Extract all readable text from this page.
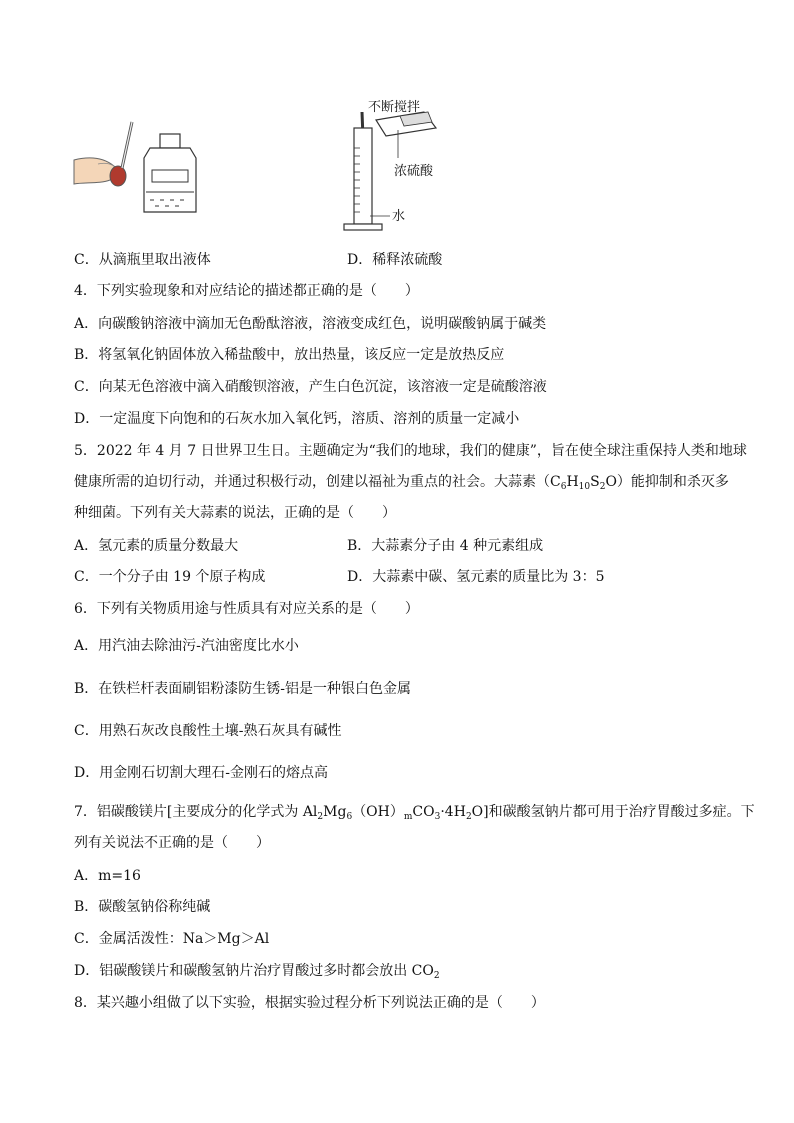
不断搅拌
浓硫酸
水
C．从滴瓶里取出液体	D．稀释浓硫酸
4．下列实验现象和对应结论的描述都正确的是（　　）
A．向碳酸钠溶液中滴加无色酚酞溶液，溶液变成红色，说明碳酸钠属于碱类
B．将氢氧化钠固体放入稀盐酸中，放出热量，该反应一定是放热反应
C．向某无色溶液中滴入硝酸钡溶液，产生白色沉淀，该溶液一定是硫酸溶液
D．一定温度下向饱和的石灰水加入氧化钙，溶质、溶剂的质量一定减小
5．2022 年 4 月 7 日世界卫生日。主题确定为“我们的地球，我们的健康”，旨在使全球注重保持人类和地球
健康所需的迫切行动，并通过积极行动，创建以福祉为重点的社会。大蒜素$(C_6H_{10}S_2O)$能抑制和杀灭多
种细菌。下列有关大蒜素的说法，正确的是（　　）
A．氢元素的质量分数最大	B．大蒜素分子由 4 种元素组成
C．一个分子由 19 个原子构成	D．大蒜素中碳、氢元素的质量比为 3：5
6．下列有关物质用途与性质具有对应关系的是（　　）
A．用汽油去除油污-汽油密度比水小
B．在铁栏杆表面刷铝粉漆防生锈-铝是一种银白色金属
C．用熟石灰改良酸性土壤-熟石灰具有碱性
D．用金刚石切割大理石-金刚石的熔点高
7．铝碳酸镁片[主要成分的化学式为 $Al_2Mg_6(OH)_mCO_3\cdot 4H_2O$]和碳酸氢钠片都可用于治疗胃酸过多症。下
列有关说法不正确的是（　　）
A．m=16
B．碳酸氢钠俗称纯碱
C．金属活泼性：Na＞Mg＞Al
D．铝碳酸镁片和碳酸氢钠片治疗胃酸过多时都会放出 $CO_2$
8．某兴趣小组做了以下实验，根据实验过程分析下列说法正确的是（　　）
